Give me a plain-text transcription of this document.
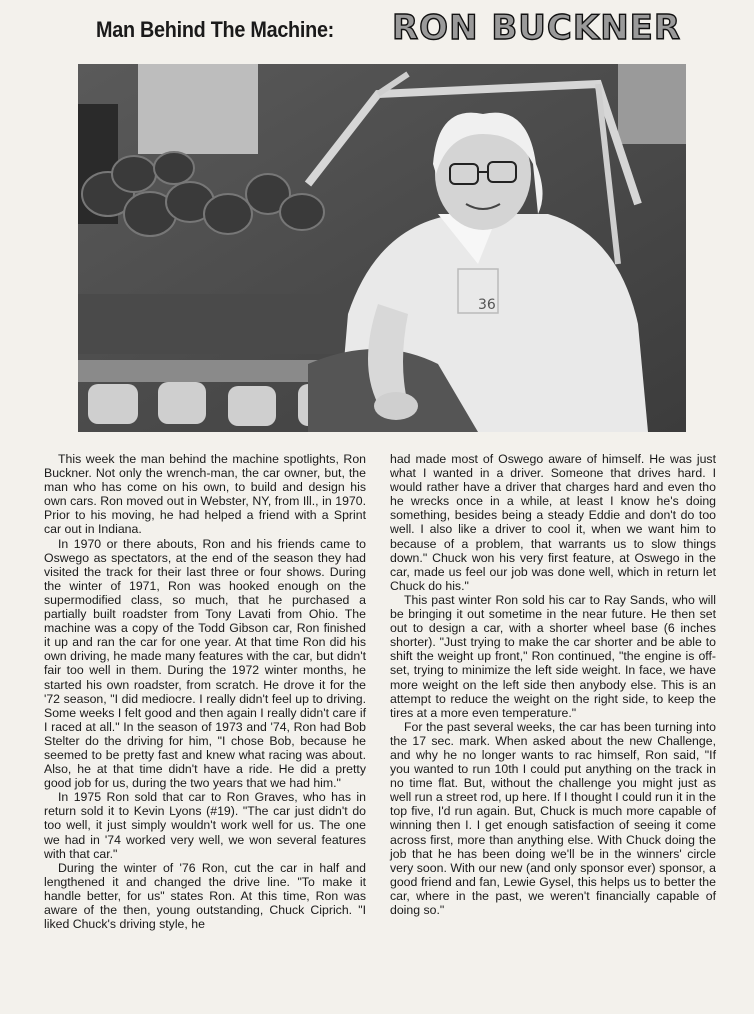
Man Behind The Machine: RON BUCKNER
36

This week the man behind the machine spotlights, Ron Buckner. Not only the wrench-man, the car owner, but, the man who has come on his own, to build and design his own cars. Ron moved out in Webster, NY, from Ill., in 1970. Prior to his moving, he had helped a friend with a Sprint car out in Indiana.

In 1970 or there abouts, Ron and his friends came to Oswego as spectators, at the end of the season they had visited the track for their last three or four shows. During the winter of 1971, Ron was hooked enough on the supermodified class, so much, that he purchased a partially built roadster from Tony Lavati from Ohio. The machine was a copy of the Todd Gibson car, Ron finished it up and ran the car for one year. At that time Ron did his own driving, he made many features with the car, but didn't fair too well in them. During the 1972 winter months, he started his own roadster, from scratch. He drove it for the '72 season, "I did mediocre. I really didn't feel up to driving. Some weeks I felt good and then again I really didn't care if I raced at all." In the season of 1973 and '74, Ron had Bob Stelter do the driving for him, "I chose Bob, because he seemed to be pretty fast and knew what racing was about. Also, he at that time didn't have a ride. He did a pretty good job for us, during the two years that we had him."

In 1975 Ron sold that car to Ron Graves, who has in return sold it to Kevin Lyons (#19). "The car just didn't do too well, it just simply wouldn't work well for us. The one we had in '74 worked very well, we won several features with that car."

During the winter of '76 Ron, cut the car in half and lengthened it and changed the drive line. "To make it handle better, for us" states Ron. At this time, Ron was aware of the then, young outstanding, Chuck Ciprich. "I liked Chuck's driving style, he

had made most of Oswego aware of himself. He was just what I wanted in a driver. Someone that drives hard. I would rather have a driver that charges hard and even tho he wrecks once in a while, at least I know he's doing something, besides being a steady Eddie and don't do too well. I also like a driver to cool it, when we want him to because of a problem, that warrants us to slow things down." Chuck won his very first feature, at Oswego in the car, made us feel our job was done well, which in return let Chuck do his."

This past winter Ron sold his car to Ray Sands, who will be bringing it out sometime in the near future. He then set out to design a car, with a shorter wheel base (6 inches shorter). "Just trying to make the car shorter and be able to shift the weight up front," Ron continued, "the engine is off-set, trying to minimize the left side weight. In face, we have more weight on the left side then anybody else. This is an attempt to reduce the weight on the right side, to keep the tires at a more even temperature."

For the past several weeks, the car has been turning into the 17 sec. mark. When asked about the new Challenge, and why he no longer wants to rac himself, Ron said, "If you wanted to run 10th I could put anything on the track in no time flat. But, without the challenge you might just as well run a street rod, up here. If I thought I could run it in the top five, I'd run again. But, Chuck is much more capable of winning then I. I get enough satisfaction of seeing it come across first, more than anything else. With Chuck doing the job that he has been doing we'll be in the winners' circle very soon. With our new (and only sponsor ever) sponsor, a good friend and fan, Lewie Gysel, this helps us to better the car, where in the past, we weren't financially capable of doing so."
